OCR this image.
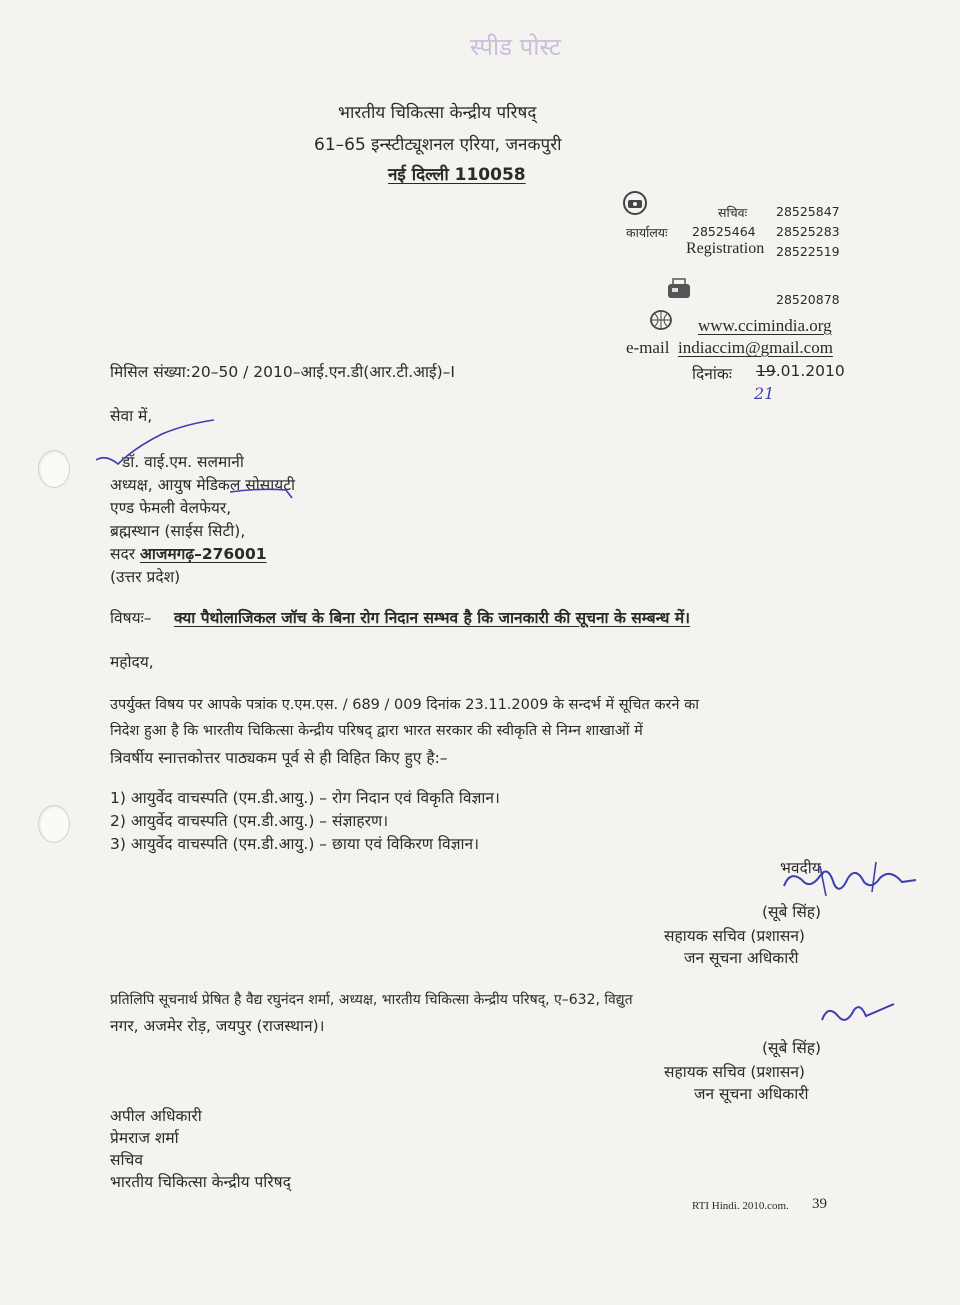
स्पीड पोस्ट
भारतीय चिकित्सा केन्द्रीय परिषद्
61–65 इन्स्टीट्यूशनल एरिया, जनकपुरी
नई दिल्ली 110058
सचिवः 28525847
कार्यालयः 28525464 28525283
Registration 28522519
28520878
www.ccimindia.org
e-mail indiaccim@gmail.com
मिसिल संख्या:20–50 / 2010–आई.एन.डी(आर.टी.आई)–I	दिनांकः 19.01.2010
21
सेवा में,
डॉ. वाई.एम. सलमानी
अध्यक्ष, आयुष मेडिकल सोसायटी
एण्ड फेमली वेलफेयर,
ब्रह्मस्थान (साईस सिटी),
सदर आजमगढ़–276001
(उत्तर प्रदेश)
विषयः– क्या पैथोलाजिकल जॉच के बिना रोग निदान सम्भव है कि जानकारी की सूचना के सम्बन्ध में।
महोदय,
उपर्युक्त विषय पर आपके पत्रांक ए.एम.एस. / 689 / 009 दिनांक 23.11.2009 के सन्दर्भ में सूचित करने का
निदेश हुआ है कि भारतीय चिकित्सा केन्द्रीय परिषद् द्वारा भारत सरकार की स्वीकृति से निम्न शाखाओं में
त्रिवर्षीय स्नात्तकोत्तर पाठ्यकम पूर्व से ही विहित किए हुए है:–
1) आयुर्वेद वाचस्पति (एम.डी.आयु.) – रोग निदान एवं विकृति विज्ञान।
2) आयुर्वेद वाचस्पति (एम.डी.आयु.) – संज्ञाहरण।
3) आयुर्वेद वाचस्पति (एम.डी.आयु.) – छाया एवं विकिरण विज्ञान।
भवदीय,
(सूबे सिंह)
सहायक सचिव (प्रशासन)
जन सूचना अधिकारी
प्रतिलिपि सूचनार्थ प्रेषित है वैद्य रघुनंदन शर्मा, अध्यक्ष, भारतीय चिकित्सा केन्द्रीय परिषद्, ए–632, विद्युत
नगर, अजमेर रोड़, जयपुर (राजस्थान)।
(सूबे सिंह)
सहायक सचिव (प्रशासन)
जन सूचना अधिकारी
अपील अधिकारी
प्रेमराज शर्मा
सचिव
भारतीय चिकित्सा केन्द्रीय परिषद्
RTI Hindi. 2010.com. 39
